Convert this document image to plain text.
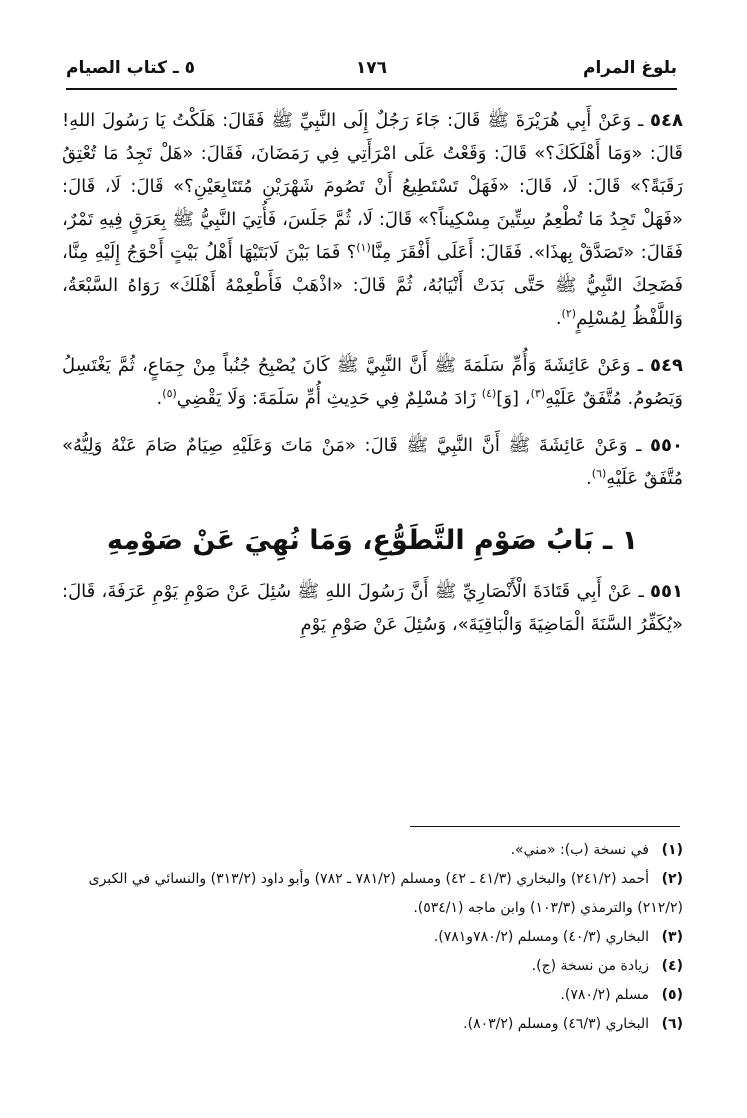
بلوغ المرام
١٧٦
٥ ـ كتاب الصيام

٥٤٨ ـ وَعَنْ أَبِي هُرَيْرَةَ ﷺ قَالَ: جَاءَ رَجُلٌ إِلَى النَّبِيِّ ﷺ فَقَالَ: هَلَكْتُ يَا رَسُولَ اللهِ! قَالَ: «وَمَا أَهْلَكَكَ؟» قَالَ: وَقَعْتُ عَلَى امْرَأَتِي فِي رَمَضَانَ، فَقَالَ: «هَلْ تَجِدُ مَا تُعْتِقُ رَقَبَةً؟» قَالَ: لَا، قَالَ: «فَهَلْ تَسْتَطِيعُ أَنْ تَصُومَ شَهْرَيْنِ مُتَتَابِعَيْنِ؟» قَالَ: لَا، قَالَ: «فَهَلْ تَجِدُ مَا تُطْعِمُ سِتِّينَ مِسْكِيناً؟» قَالَ: لَا، ثُمَّ جَلَسَ، فَأُتِيَ النَّبِيُّ ﷺ بِعَرَقٍ فِيهِ تَمْرٌ، فَقَالَ: «تَصَدَّقْ بِهذَا». فَقَالَ: أَعَلَى أَفْقَرَ مِنَّا$^{(١)}$؟ فَمَا بَيْنَ لَابَتَيْهَا أَهْلُ بَيْتٍ أَحْوَجُ إِلَيْهِ مِنَّا، فَضَحِكَ النَّبِيُّ ﷺ حَتَّى بَدَتْ أَنْيَابُهُ، ثُمَّ قَالَ: «اذْهَبْ فَأَطْعِمْهُ أَهْلَكَ» رَوَاهُ السَّبْعَةُ، وَاللَّفْظُ لِمُسْلِمٍ$^{(٢)}$.

٥٤٩ ـ وَعَنْ عَائِشَةَ وَأُمِّ سَلَمَةَ ﷺ أَنَّ النَّبِيَّ ﷺ كَانَ يُصْبِحُ جُنُباً مِنْ جِمَاعٍ، ثُمَّ يَغْتَسِلُ وَيَصُومُ. مُتَّفَقٌ عَلَيْهِ$^{(٣)}$، [وَ]$^{(٤)}$ زَادَ مُسْلِمٌ فِي حَدِيثِ أُمِّ سَلَمَةَ: وَلَا يَقْضِي$^{(٥)}$.

٥٥٠ ـ وَعَنْ عَائِشَةَ ﷺ أَنَّ النَّبِيَّ ﷺ قَالَ: «مَنْ مَاتَ وَعَلَيْهِ صِيَامٌ صَامَ عَنْهُ وَلِيُّهُ» مُتَّفَقٌ عَلَيْهِ$^{(٦)}$.

١ ـ بَابُ صَوْمِ التَّطَوُّعِ، وَمَا نُهِيَ عَنْ صَوْمِهِ

٥٥١ ـ عَنْ أَبِي قَتَادَةَ الْأَنْصَارِيِّ ﷺ أَنَّ رَسُولَ اللهِ ﷺ سُئِلَ عَنْ صَوْمِ يَوْمِ عَرَفَةَ، قَالَ: «يُكَفِّرُ السَّنَةَ الْمَاضِيَةَ وَالْبَاقِيَةَ»، وَسُئِلَ عَنْ صَوْمِ يَوْمِ

(١)في نسخة (ب): «مني».

(٢)أحمد (٢٤١/٢) والبخاري (٤١/٣ ـ ٤٢) ومسلم (٧٨١/٢ ـ ٧٨٢) وأبو داود (٣١٣/٢) والنسائي في الكبرى (٢١٢/٢) والترمذي (١٠٣/٣) وابن ماجه (٥٣٤/١).

(٣)البخاري (٤٠/٣) ومسلم (٧٨٠/٢و٧٨١).

(٤)زيادة من نسخة (ج).

(٥)مسلم (٧٨٠/٢).

(٦)البخاري (٤٦/٣) ومسلم (٨٠٣/٢).
